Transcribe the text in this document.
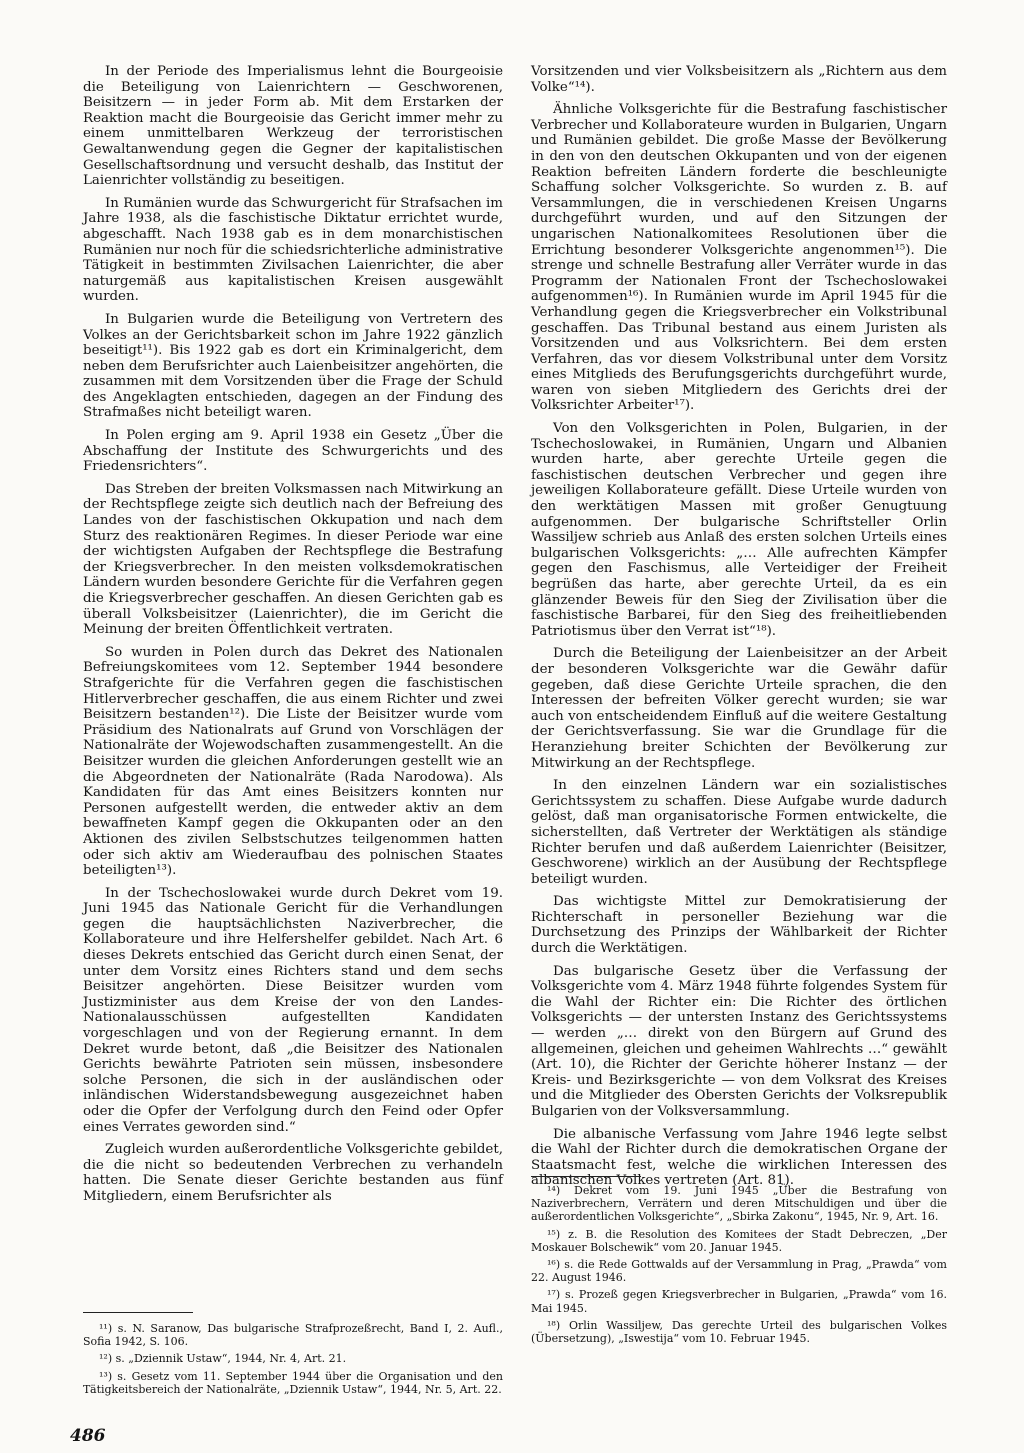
In der Periode des Imperialismus lehnt die Bourgeoisie die Beteiligung von Laienrichtern — Geschworenen, Beisitzern — in jeder Form ab. Mit dem Erstarken der Reaktion macht die Bourgeoisie das Gericht immer mehr zu einem unmittelbaren Werkzeug der terroristischen Gewaltanwendung gegen die Gegner der kapitalistischen Gesellschaftsordnung und versucht deshalb, das Institut der Laienrichter vollständig zu beseitigen.

In Rumänien wurde das Schwurgericht für Strafsachen im Jahre 1938, als die faschistische Diktatur errichtet wurde, abgeschafft. Nach 1938 gab es in dem monarchistischen Rumänien nur noch für die schiedsrichterliche administrative Tätigkeit in bestimmten Zivilsachen Laienrichter, die aber naturgemäß aus kapitalistischen Kreisen ausgewählt wurden.

In Bulgarien wurde die Beteiligung von Vertretern des Volkes an der Gerichtsbarkeit schon im Jahre 1922 gänzlich beseitigt¹¹). Bis 1922 gab es dort ein Kriminalgericht, dem neben dem Berufsrichter auch Laienbeisitzer angehörten, die zusammen mit dem Vorsitzenden über die Frage der Schuld des Angeklagten entschieden, dagegen an der Findung des Strafmaßes nicht beteiligt waren.

In Polen erging am 9. April 1938 ein Gesetz „Über die Abschaffung der Institute des Schwurgerichts und des Friedensrichters“.

Das Streben der breiten Volksmassen nach Mitwirkung an der Rechtspflege zeigte sich deutlich nach der Befreiung des Landes von der faschistischen Okkupation und nach dem Sturz des reaktionären Regimes. In dieser Periode war eine der wichtigsten Aufgaben der Rechtspflege die Bestrafung der Kriegsverbrecher. In den meisten volksdemokratischen Ländern wurden besondere Gerichte für die Verfahren gegen die Kriegsverbrecher geschaffen. An diesen Gerichten gab es überall Volksbeisitzer (Laienrichter), die im Gericht die Meinung der breiten Öffentlichkeit vertraten.

So wurden in Polen durch das Dekret des Nationalen Befreiungskomitees vom 12. September 1944 besondere Strafgerichte für die Verfahren gegen die faschistischen Hitlerverbrecher geschaffen, die aus einem Richter und zwei Beisitzern bestanden¹²). Die Liste der Beisitzer wurde vom Präsidium des Nationalrats auf Grund von Vorschlägen der Nationalräte der Wojewodschaften zusammengestellt. An die Beisitzer wurden die gleichen Anforderungen gestellt wie an die Abgeordneten der Nationalräte (Rada Narodowa). Als Kandidaten für das Amt eines Beisitzers konnten nur Personen aufgestellt werden, die entweder aktiv an dem bewaffneten Kampf gegen die Okkupanten oder an den Aktionen des zivilen Selbstschutzes teilgenommen hatten oder sich aktiv am Wiederaufbau des polnischen Staates beteiligten¹³).

In der Tschechoslowakei wurde durch Dekret vom 19. Juni 1945 das Nationale Gericht für die Verhandlungen gegen die hauptsächlichsten Naziverbrecher, die Kollaborateure und ihre Helfershelfer gebildet. Nach Art. 6 dieses Dekrets entschied das Gericht durch einen Senat, der unter dem Vorsitz eines Richters stand und dem sechs Beisitzer angehörten. Diese Beisitzer wurden vom Justizminister aus dem Kreise der von den Landes-Nationalausschüssen aufgestellten Kandidaten vorgeschlagen und von der Regierung ernannt. In dem Dekret wurde betont, daß „die Beisitzer des Nationalen Gerichts bewährte Patrioten sein müssen, insbesondere solche Personen, die sich in der ausländischen oder inländischen Widerstandsbewegung ausgezeichnet haben oder die Opfer der Verfolgung durch den Feind oder Opfer eines Verrates geworden sind.“

Zugleich wurden außerordentliche Volksgerichte gebildet, die die nicht so bedeutenden Verbrechen zu verhandeln hatten. Die Senate dieser Gerichte bestanden aus fünf Mitgliedern, einem Berufsrichter als

Vorsitzenden und vier Volksbeisitzern als „Richtern aus dem Volke“¹⁴).

Ähnliche Volksgerichte für die Bestrafung faschistischer Verbrecher und Kollaborateure wurden in Bulgarien, Ungarn und Rumänien gebildet. Die große Masse der Bevölkerung in den von den deutschen Okkupanten und von der eigenen Reaktion befreiten Ländern forderte die beschleunigte Schaffung solcher Volksgerichte. So wurden z. B. auf Versammlungen, die in verschiedenen Kreisen Ungarns durchgeführt wurden, und auf den Sitzungen der ungarischen Nationalkomitees Resolutionen über die Errichtung besonderer Volksgerichte angenommen¹⁵). Die strenge und schnelle Bestrafung aller Verräter wurde in das Programm der Nationalen Front der Tschechoslowakei aufgenommen¹⁶). In Rumänien wurde im April 1945 für die Verhandlung gegen die Kriegsverbrecher ein Volkstribunal geschaffen. Das Tribunal bestand aus einem Juristen als Vorsitzenden und aus Volksrichtern. Bei dem ersten Verfahren, das vor diesem Volkstribunal unter dem Vorsitz eines Mitglieds des Berufungsgerichts durchgeführt wurde, waren von sieben Mitgliedern des Gerichts drei der Volksrichter Arbeiter¹⁷).

Von den Volksgerichten in Polen, Bulgarien, in der Tschechoslowakei, in Rumänien, Ungarn und Albanien wurden harte, aber gerechte Urteile gegen die faschistischen deutschen Verbrecher und gegen ihre jeweiligen Kollaborateure gefällt. Diese Urteile wurden von den werktätigen Massen mit großer Genugtuung aufgenommen. Der bulgarische Schriftsteller Orlin Wassiljew schrieb aus Anlaß des ersten solchen Urteils eines bulgarischen Volksgerichts: „… Alle aufrechten Kämpfer gegen den Faschismus, alle Verteidiger der Freiheit begrüßen das harte, aber gerechte Urteil, da es ein glänzender Beweis für den Sieg der Zivilisation über die faschistische Barbarei, für den Sieg des freiheitliebenden Patriotismus über den Verrat ist“¹⁸).

Durch die Beteiligung der Laienbeisitzer an der Arbeit der besonderen Volksgerichte war die Gewähr dafür gegeben, daß diese Gerichte Urteile sprachen, die den Interessen der befreiten Völker gerecht wurden; sie war auch von entscheidendem Einfluß auf die weitere Gestaltung der Gerichtsverfassung. Sie war die Grundlage für die Heranziehung breiter Schichten der Bevölkerung zur Mitwirkung an der Rechtspflege.

In den einzelnen Ländern war ein sozialistisches Gerichtssystem zu schaffen. Diese Aufgabe wurde dadurch gelöst, daß man organisatorische Formen entwickelte, die sicherstellten, daß Vertreter der Werktätigen als ständige Richter berufen und daß außerdem Laienrichter (Beisitzer, Geschworene) wirklich an der Ausübung der Rechtspflege beteiligt wurden.

Das wichtigste Mittel zur Demokratisierung der Richterschaft in personeller Beziehung war die Durchsetzung des Prinzips der Wählbarkeit der Richter durch die Werktätigen.

Das bulgarische Gesetz über die Verfassung der Volksgerichte vom 4. März 1948 führte folgendes System für die Wahl der Richter ein: Die Richter des örtlichen Volksgerichts — der untersten Instanz des Gerichtssystems — werden „… direkt von den Bürgern auf Grund des allgemeinen, gleichen und geheimen Wahlrechts …“ gewählt (Art. 10), die Richter der Gerichte höherer Instanz — der Kreis- und Bezirksgerichte — von dem Volksrat des Kreises und die Mitglieder des Obersten Gerichts der Volksrepublik Bulgarien von der Volksversammlung.

Die albanische Verfassung vom Jahre 1946 legte selbst die Wahl der Richter durch die demokratischen Organe der Staatsmacht fest, welche die wirklichen Interessen des albanischen Volkes vertreten (Art. 81).

¹⁴) Dekret vom 19. Juni 1945 „Über die Bestrafung von Naziverbrechern, Verrätern und deren Mitschuldigen und über die außerordentlichen Volksgerichte“, „Sbirka Zakonu“, 1945, Nr. 9, Art. 16.

¹⁵) z. B. die Resolution des Komitees der Stadt Debreczen, „Der Moskauer Bolschewik“ vom 20. Januar 1945.

¹⁶) s. die Rede Gottwalds auf der Versammlung in Prag, „Prawda“ vom 22. August 1946.

¹⁷) s. Prozeß gegen Kriegsverbrecher in Bulgarien, „Prawda“ vom 16. Mai 1945.

¹⁸) Orlin Wassiljew, Das gerechte Urteil des bulgarischen Volkes (Übersetzung), „Iswestija“ vom 10. Februar 1945.

¹¹) s. N. Saranow, Das bulgarische Strafprozeßrecht, Band I, 2. Aufl., Sofia 1942, S. 106.

¹²) s. „Dziennik Ustaw“, 1944, Nr. 4, Art. 21.

¹³) s. Gesetz vom 11. September 1944 über die Organisation und den Tätigkeitsbereich der Nationalräte, „Dziennik Ustaw“, 1944, Nr. 5, Art. 22.

486
